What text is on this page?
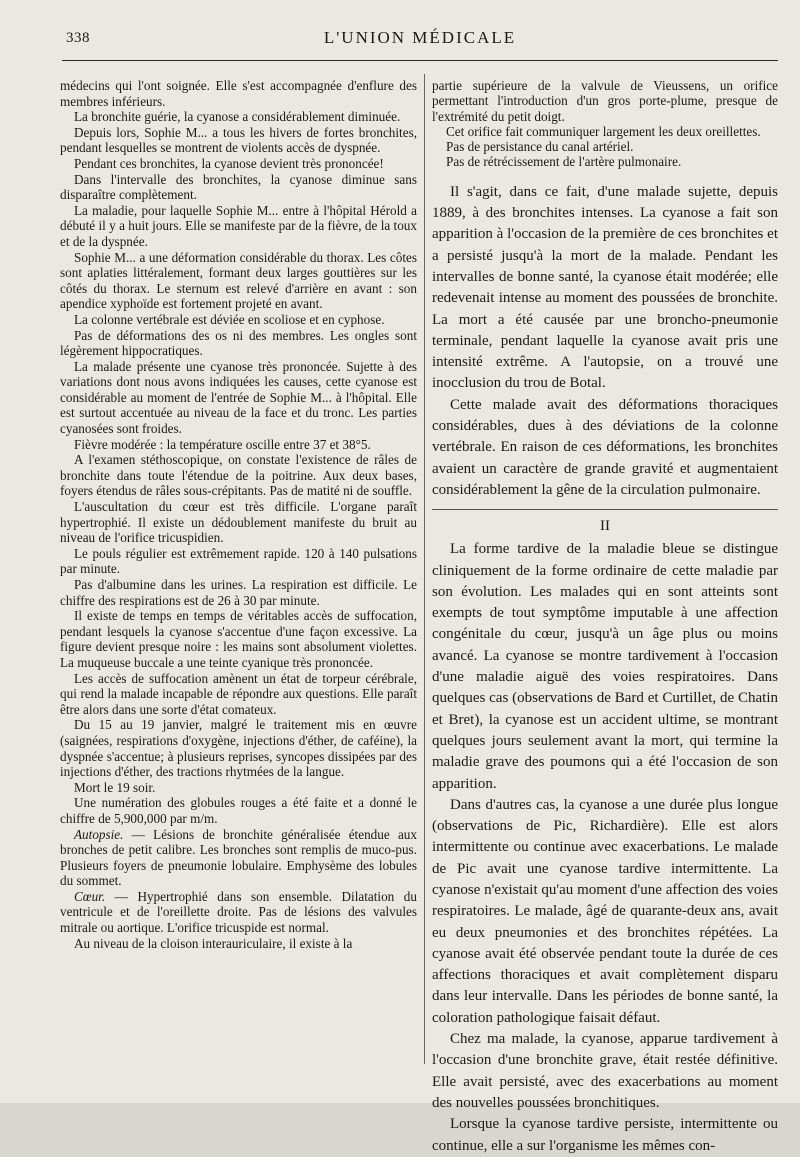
338	L'UNION MÉDICALE

médecins qui l'ont soignée. Elle s'est accompagnée d'enflure des membres inférieurs.

La bronchite guérie, la cyanose a considérablement diminuée.

Depuis lors, Sophie M... a tous les hivers de fortes bronchites, pendant lesquelles se montrent de violents accès de dyspnée.

Pendant ces bronchites, la cyanose devient très prononcée!

Dans l'intervalle des bronchites, la cyanose diminue sans disparaître complètement.

La maladie, pour laquelle Sophie M... entre à l'hôpital Hérold a débuté il y a huit jours. Elle se manifeste par de la fièvre, de la toux et de la dyspnée.

Sophie M... a une déformation considérable du thorax. Les côtes sont aplaties littéralement, formant deux larges gouttières sur les côtés du thorax. Le sternum est relevé d'arrière en avant : son apendice xyphoïde est fortement projeté en avant.

La colonne vertébrale est déviée en scoliose et en cyphose.

Pas de déformations des os ni des membres. Les ongles sont légèrement hippocratiques.

La malade présente une cyanose très prononcée. Sujette à des variations dont nous avons indiquées les causes, cette cyanose est considérable au moment de l'entrée de Sophie M... à l'hôpital. Elle est surtout accentuée au niveau de la face et du tronc. Les parties cyanosées sont froides.

Fièvre modérée : la température oscille entre 37 et 38°5.

A l'examen stéthoscopique, on constate l'existence de râles de bronchite dans toute l'étendue de la poitrine. Aux deux bases, foyers étendus de râles sous-crépitants. Pas de matité ni de souffle.

L'auscultation du cœur est très difficile. L'organe paraît hypertrophié. Il existe un dédoublement manifeste du bruit au niveau de l'orifice tricuspidien.

Le pouls régulier est extrêmement rapide. 120 à 140 pulsations par minute.

Pas d'albumine dans les urines. La respiration est difficile. Le chiffre des respirations est de 26 à 30 par minute.

Il existe de temps en temps de véritables accès de suffocation, pendant lesquels la cyanose s'accentue d'une façon excessive. La figure devient presque noire : les mains sont absolument violettes. La muqueuse buccale a une teinte cyanique très prononcée.

Les accès de suffocation amènent un état de torpeur cérébrale, qui rend la malade incapable de répondre aux questions. Elle paraît être alors dans une sorte d'état comateux.

Du 15 au 19 janvier, malgré le traitement mis en œuvre (saignées, respirations d'oxygène, injections d'éther, de caféine), la dyspnée s'accentue; à plusieurs reprises, syncopes dissipées par des injections d'éther, des tractions rhytmées de la langue.

Mort le 19 soir.

Une numération des globules rouges a été faite et a donné le chiffre de 5,900,000 par m/m.

Autopsie. — Lésions de bronchite généralisée étendue aux bronches de petit calibre. Les bronches sont remplis de muco-pus. Plusieurs foyers de pneumonie lobulaire. Emphysème des lobules du sommet.

Cœur. — Hypertrophié dans son ensemble. Dilatation du ventricule et de l'oreillette droite. Pas de lésions des valvules mitrale ou aortique. L'orifice tricuspide est normal.

Au niveau de la cloison interauriculaire, il existe à la

partie supérieure de la valvule de Vieussens, un orifice permettant l'introduction d'un gros porte-plume, presque de l'extrémité du petit doigt.

Cet orifice fait communiquer largement les deux oreillettes.

Pas de persistance du canal artériel.

Pas de rétrécissement de l'artère pulmonaire.

Il s'agit, dans ce fait, d'une malade sujette, depuis 1889, à des bronchites intenses. La cyanose a fait son apparition à l'occasion de la première de ces bronchites et a persisté jusqu'à la mort de la malade. Pendant les intervalles de bonne santé, la cyanose était modérée; elle redevenait intense au moment des poussées de bronchite. La mort a été causée par une broncho-pneumonie terminale, pendant laquelle la cyanose avait pris une intensité extrême. A l'autopsie, on a trouvé une inocclusion du trou de Botal.

Cette malade avait des déformations thoraciques considérables, dues à des déviations de la colonne vertébrale. En raison de ces déformations, les bronchites avaient un caractère de grande gravité et augmentaient considérablement la gêne de la circulation pulmonaire.

II

La forme tardive de la maladie bleue se distingue cliniquement de la forme ordinaire de cette maladie par son évolution. Les malades qui en sont atteints sont exempts de tout symptôme imputable à une affection congénitale du cœur, jusqu'à un âge plus ou moins avancé. La cyanose se montre tardivement à l'occasion d'une maladie aiguë des voies respiratoires. Dans quelques cas (observations de Bard et Curtillet, de Chatin et Bret), la cyanose est un accident ultime, se montrant quelques jours seulement avant la mort, qui termine la maladie grave des poumons qui a été l'occasion de son apparition.

Dans d'autres cas, la cyanose a une durée plus longue (observations de Pic, Richardière). Elle est alors intermittente ou continue avec exacerbations. Le malade de Pic avait une cyanose tardive intermittente. La cyanose n'existait qu'au moment d'une affection des voies respiratoires. Le malade, âgé de quarante-deux ans, avait eu deux pneumonies et des bronchites répétées. La cyanose avait été observée pendant toute la durée de ces affections thoraciques et avait complètement disparu dans leur intervalle. Dans les périodes de bonne santé, la coloration pathologique faisait défaut.

Chez ma malade, la cyanose, apparue tardivement à l'occasion d'une bronchite grave, était restée définitive. Elle avait persisté, avec des exacerbations au moment des nouvelles poussées bronchitiques.

Lorsque la cyanose tardive persiste, intermittente ou continue, elle a sur l'organisme les mêmes con-
